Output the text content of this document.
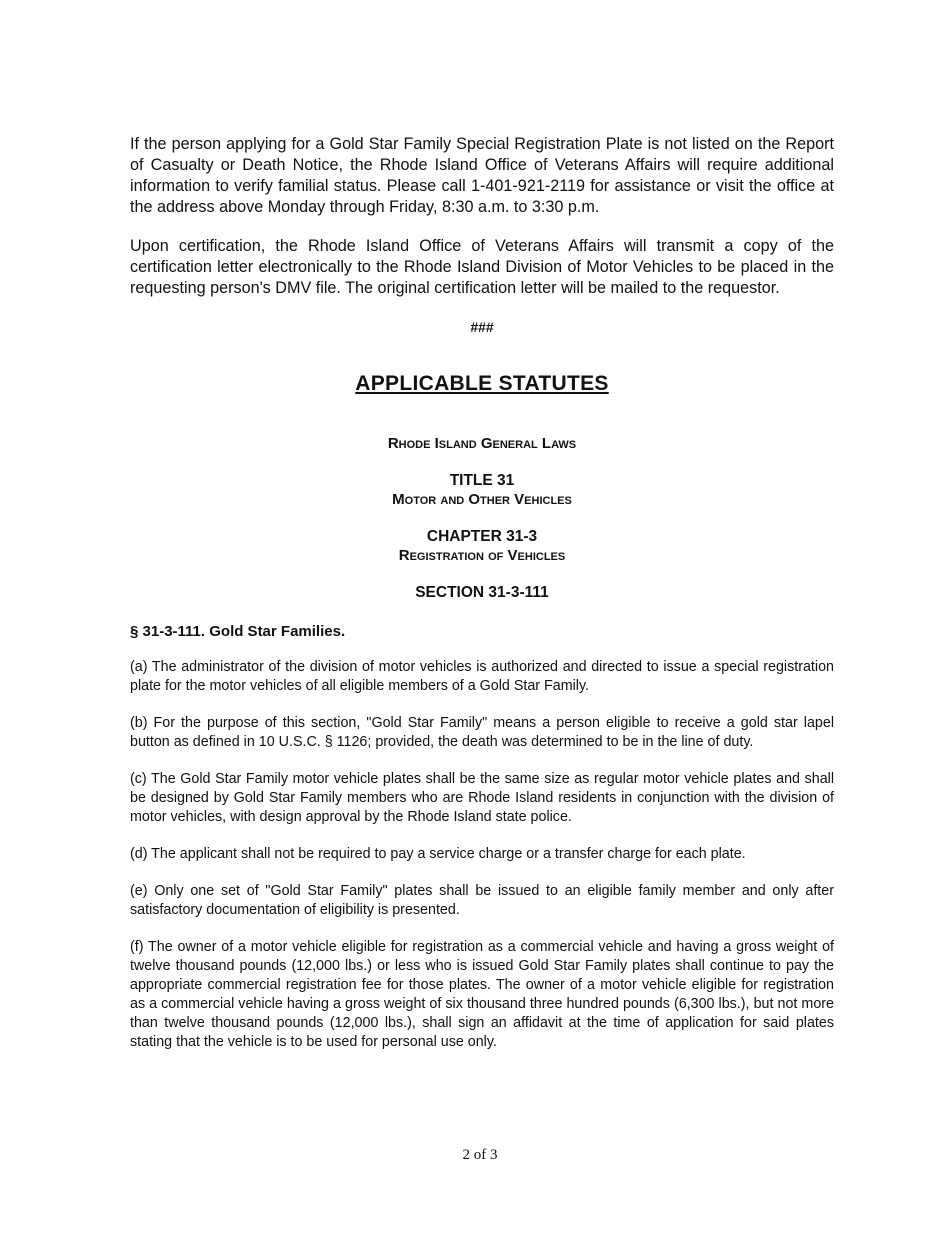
If the person applying for a Gold Star Family Special Registration Plate is not listed on the Report of Casualty or Death Notice, the Rhode Island Office of Veterans Affairs will require additional information to verify familial status. Please call 1-401-921-2119 for assistance or visit the office at the address above Monday through Friday, 8:30 a.m. to 3:30 p.m.

Upon certification, the Rhode Island Office of Veterans Affairs will transmit a copy of the certification letter electronically to the Rhode Island Division of Motor Vehicles to be placed in the requesting person's DMV file. The original certification letter will be mailed to the requestor.

###
APPLICABLE STATUTES
Rhode Island General Laws
TITLE 31
Motor and Other Vehicles
CHAPTER 31-3
Registration of Vehicles
SECTION 31-3-111
§ 31-3-111. Gold Star Families.

(a) The administrator of the division of motor vehicles is authorized and directed to issue a special registration plate for the motor vehicles of all eligible members of a Gold Star Family.

(b) For the purpose of this section, "Gold Star Family" means a person eligible to receive a gold star lapel button as defined in 10 U.S.C. § 1126; provided, the death was determined to be in the line of duty.

(c) The Gold Star Family motor vehicle plates shall be the same size as regular motor vehicle plates and shall be designed by Gold Star Family members who are Rhode Island residents in conjunction with the division of motor vehicles, with design approval by the Rhode Island state police.

(d) The applicant shall not be required to pay a service charge or a transfer charge for each plate.

(e) Only one set of "Gold Star Family" plates shall be issued to an eligible family member and only after satisfactory documentation of eligibility is presented.

(f) The owner of a motor vehicle eligible for registration as a commercial vehicle and having a gross weight of twelve thousand pounds (12,000 lbs.) or less who is issued Gold Star Family plates shall continue to pay the appropriate commercial registration fee for those plates. The owner of a motor vehicle eligible for registration as a commercial vehicle having a gross weight of six thousand three hundred pounds (6,300 lbs.), but not more than twelve thousand pounds (12,000 lbs.), shall sign an affidavit at the time of application for said plates stating that the vehicle is to be used for personal use only.

2 of 3
